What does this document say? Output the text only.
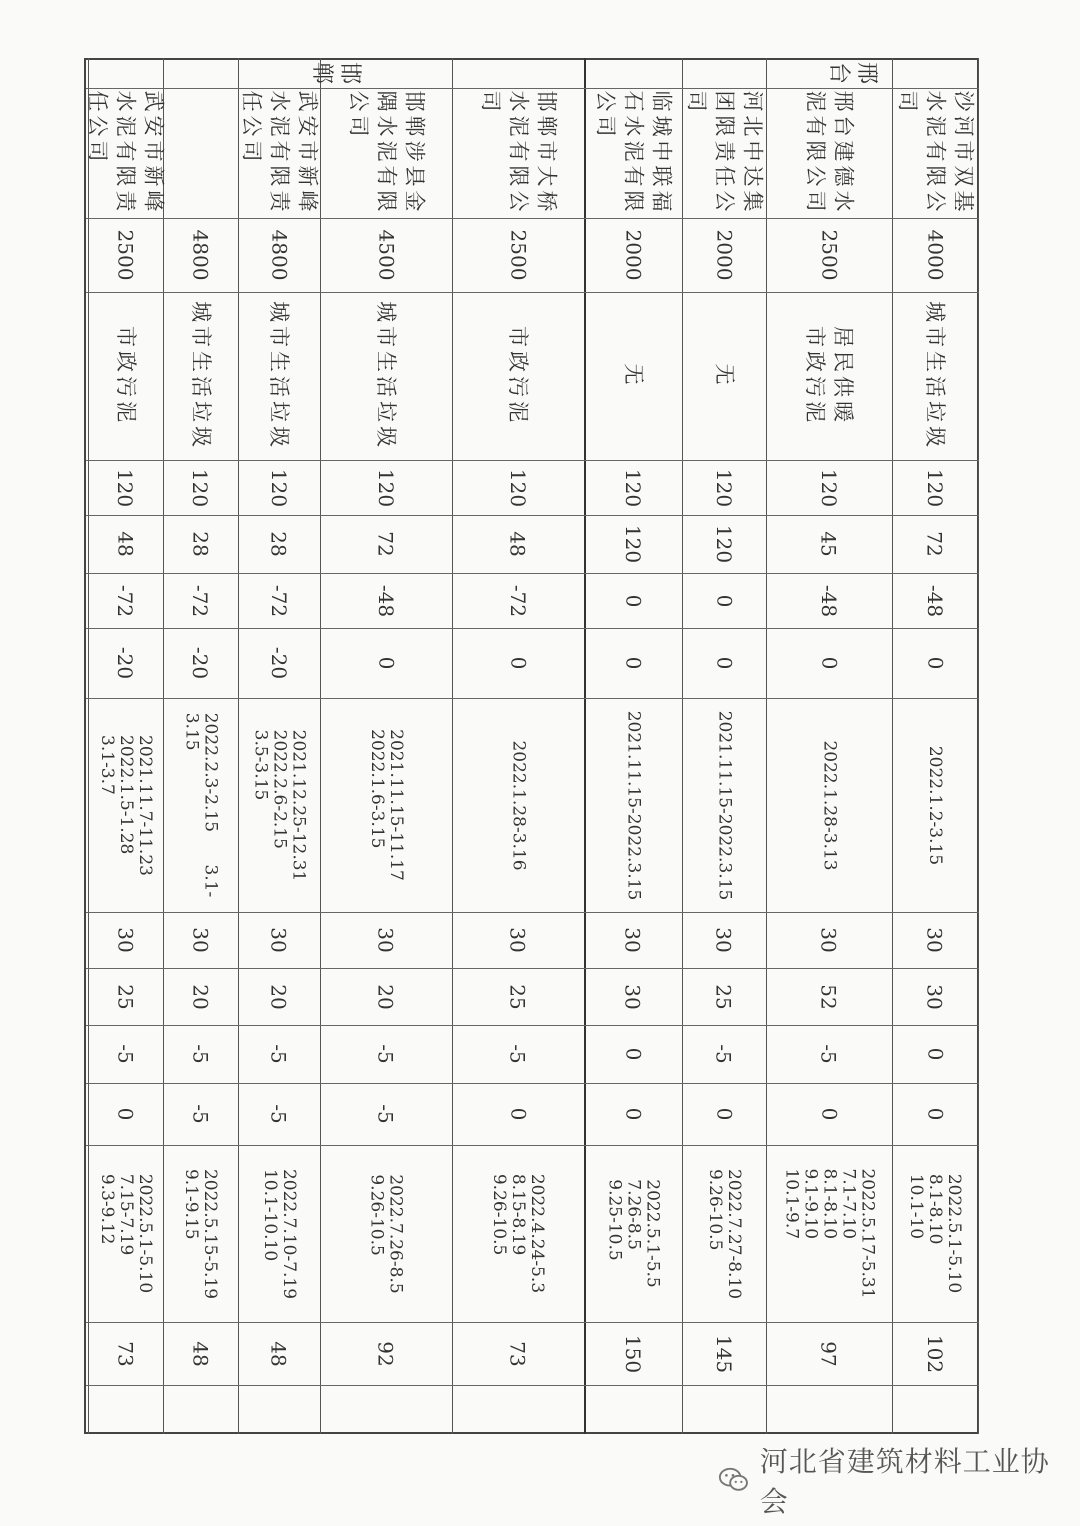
沙河市双基
水泥有限公
司
4000
城市生活垃圾
120
72
-48
0
2022.1.2-3.15
30
30
0
0
2022.5.1-5.10
8.1-8.10
10.1-10
102
邢台建德水
泥有限公司
2500
居民供暖
市政污泥
120
45
-48
0
2022.1.28-3.13
30
52
-5
0
2022.5.17-5.31
7.1-7.10
8.1-8.10
9.1-9.10
10.1-9.7
97
河北中达集
团限责任公
司
2000
无
120
120
0
0
2021.11.15-2022.3.15
30
25
-5
0
2022.7.27-8.10
9.26-10.5
145
临城中联福
石水泥有限
公司
2000
无
120
120
0
0
2021.11.15-2022.3.15
30
30
0
0
2022.5.1-5.5
7.26-8.5
9.25-10.5
150
邯郸市大桥
水泥有限公
司
2500
市政污泥
120
48
-72
0
2022.1.28-3.16
30
25
-5
0
2022.4.24-5.3
8.15-8.19
9.26-10.5
73
邯郸涉县金
隅水泥有限
公司
4500
城市生活垃圾
120
72
-48
0
2021.11.15-11.17
2022.1.6-3.15
30
20
-5
-5
2022.7.26-8.5
9.26-10.5
92
武安市新峰
水泥有限责
任公司
4800
城市生活垃圾
120
28
-72
-20
2021.12.25-12.31
2022.2.6-2.15
3.5-3.15
30
20
-5
-5
2022.7.10-7.19
10.1-10.10
48
4800
城市生活垃圾
120
28
-72
-20
2022.2.3-2.15      3.1-
3.15
30
20
-5
-5
2022.5.15-5.19
9.1-9.15
48
武安市新峰
水泥有限责
任公司
2500
市政污泥
120
48
-72
-20
2021.11.7-11.23
2022.1.5-1.28
3.1-3.7
30
25
-5
0
2022.5.1-5.10
7.15-7.19
9.3-9.12
73
邢
台
邯
郸
河北省建筑材料工业协会
